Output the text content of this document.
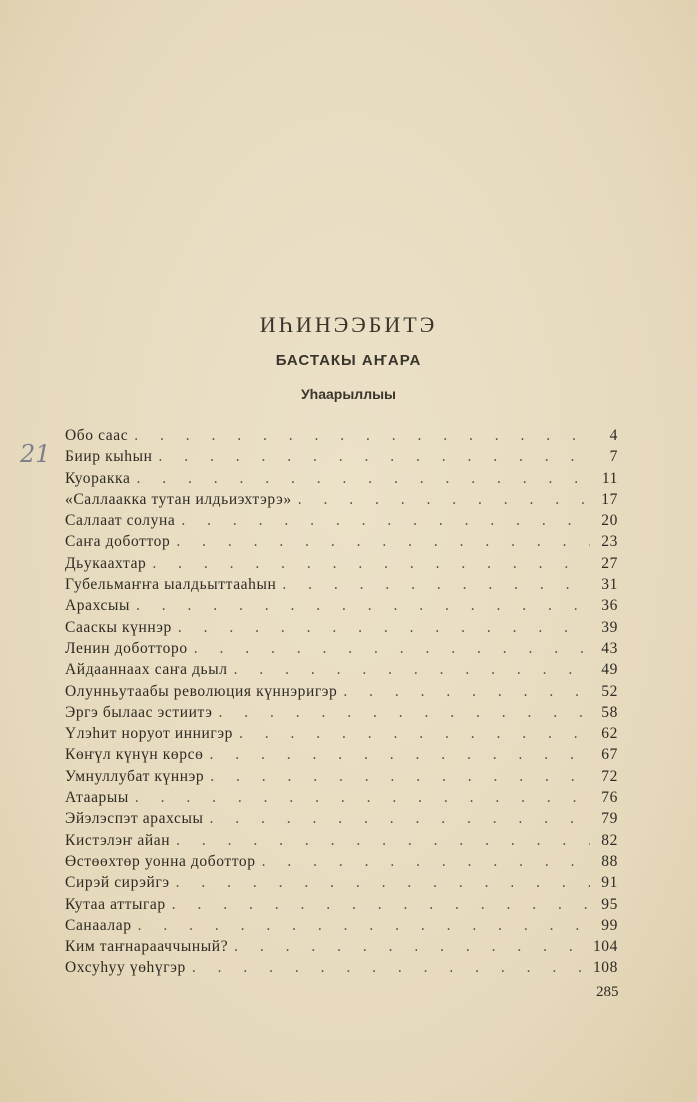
ИҺИНЭЭБИТЭ
БАСТАКЫ АҤАРА
Уһаарыллыы
21
Обо саас . . .	4
Биир кыһын . . .	7
Куоракка . . .	11
«Саллаакка тутан илдьиэхтэрэ» . . .	17
Саллаат солуна . . .	20
Саҥа доботтор . . .	23
Дьукаахтар . . .	27
Губельмаҥҥа ыалдьыттааһын . . .	31
Арахсыы . . .	36
Сааскы күннэр . . .	39
Ленин доботторо . . .	43
Айдааннаах саҥа дьыл . . .	49
Олунньутаабы революция күннэригэр . . .	52
Эргэ былаас эстиитэ . . .	58
Үлэһит норуот иннигэр . . .	62
Көҥүл күнүн көрсө . . .	67
Умнуллубат күннэр . . .	72
Атаарыы . . .	76
Эйэлэспэт арахсыы . . .	79
Кистэлэҥ айан . . .	82
Өстөөхтөр уонна доботтор . . .	88
Сирэй сирэйгэ . . .	91
Кутаа аттыгар . . .	95
Санаалар . . .	99
Ким таҥнарааччыный? . . .	104
Охсуһуу үөһүгэр . . .	108
285
